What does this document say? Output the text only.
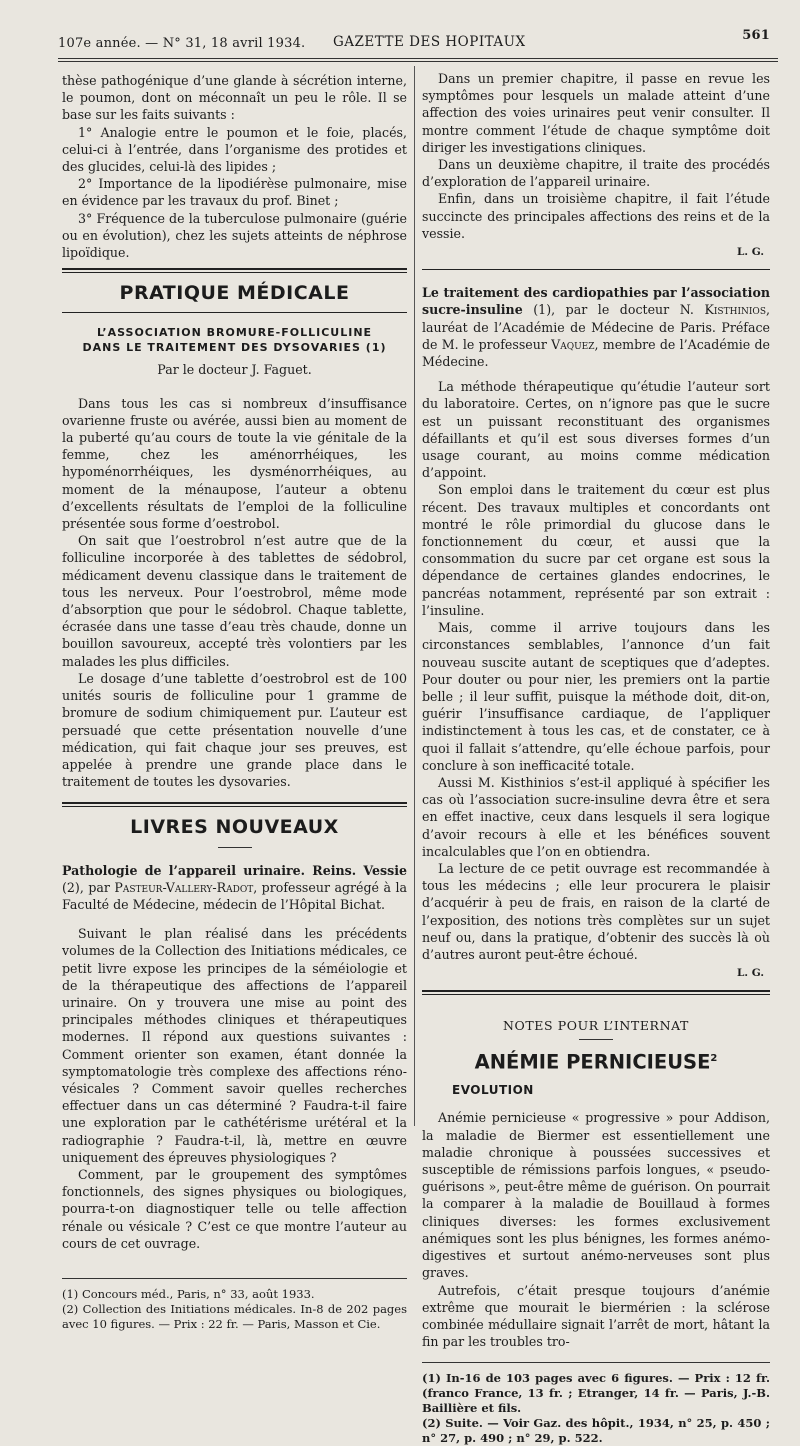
107e année. — N° 31, 18 avril 1934. GAZETTE DES HOPITAUX	561

thèse pathogénique d’une glande à sécrétion interne, le poumon, dont on méconnaît un peu le rôle. Il se base sur les faits suivants :

1° Analogie entre le poumon et le foie, placés, celui-ci à l’entrée, dans l’organisme des protides et des glucides, celui-là des lipides ;

2° Importance de la lipodiérèse pulmonaire, mise en évidence par les travaux du prof. Binet ;

3° Fréquence de la tuberculose pulmonaire (guérie ou en évolution), chez les sujets atteints de néphrose lipoïdique.

PRATIQUE MÉDICALE
L’ASSOCIATION BROMURE-FOLLICULINE
DANS LE TRAITEMENT DES DYSOVARIES (1)
Par le docteur J. Faguet.

Dans tous les cas si nombreux d’insuffisance ovarienne fruste ou avérée, aussi bien au moment de la puberté qu’au cours de toute la vie génitale de la femme, chez les aménorrhéiques, les hypoménorrhéiques, les dysménorrhéiques, au moment de la ménaupose, l’auteur a obtenu d’excellents résultats de l’emploi de la folliculine présentée sous forme d’oestrobol.

On sait que l’oestrobrol n’est autre que de la folliculine incorporée à des tablettes de sédobrol, médicament devenu classique dans le traitement de tous les nerveux. Pour l’oestrobrol, même mode d’absorption que pour le sédobrol. Chaque tablette, écrasée dans une tasse d’eau très chaude, donne un bouillon savoureux, accepté très volontiers par les malades les plus difficiles.

Le dosage d’une tablette d’oestrobrol est de 100 unités souris de folliculine pour 1 gramme de bromure de sodium chimiquement pur. L’auteur est persuadé que cette présentation nouvelle d’une médication, qui fait chaque jour ses preuves, est appelée à prendre une grande place dans le traitement de toutes les dysovaries.

LIVRES NOUVEAUX

Pathologie de l’appareil urinaire. Reins. Vessie (2), par Pasteur-Vallery-Radot, professeur agrégé à la Faculté de Médecine, médecin de l’Hôpital Bichat.

Suivant le plan réalisé dans les précédents volumes de la Collection des Initiations médicales, ce petit livre expose les principes de la séméiologie et de la thérapeutique des affections de l’appareil urinaire. On y trouvera une mise au point des principales méthodes cliniques et thérapeutiques modernes. Il répond aux questions suivantes : Comment orienter son examen, étant donnée la symptomatologie très complexe des affections réno-vésicales ? Comment savoir quelles recherches effectuer dans un cas déterminé ? Faudra-t-il faire une exploration par le cathétérisme urétéral et la radiographie ? Faudra-t-il, là, mettre en œuvre uniquement des épreuves physiologiques ?

Comment, par le groupement des symptômes fonctionnels, des signes physiques ou biologiques, pourra-t-on diagnostiquer telle ou telle affection rénale ou vésicale ? C’est ce que montre l’auteur au cours de cet ouvrage.

(1) Concours méd., Paris, n° 33, août 1933.
(2) Collection des Initiations médicales. In-8 de 202 pages avec 10 figures. — Prix : 22 fr. — Paris, Masson et Cie.

Dans un premier chapitre, il passe en revue les symptômes pour lesquels un malade atteint d’une affection des voies urinaires peut venir consulter. Il montre comment l’étude de chaque symptôme doit diriger les investigations cliniques.

Dans un deuxième chapitre, il traite des procédés d’exploration de l’appareil urinaire.

Enfin, dans un troisième chapitre, il fait l’étude succincte des principales affections des reins et de la vessie.

L. G.

Le traitement des cardiopathies par l’association sucre-insuline (1), par le docteur N. Kisthinios, lauréat de l’Académie de Médecine de Paris. Préface de M. le professeur Vaquez, membre de l’Académie de Médecine.

La méthode thérapeutique qu’étudie l’auteur sort du laboratoire. Certes, on n’ignore pas que le sucre est un puissant reconstituant des organismes défaillants et qu’il est sous diverses formes d’un usage courant, au moins comme médication d’appoint.

Son emploi dans le traitement du cœur est plus récent. Des travaux multiples et concordants ont montré le rôle primordial du glucose dans le fonctionnement du cœur, et aussi que la consommation du sucre par cet organe est sous la dépendance de certaines glandes endocrines, le pancréas notamment, représenté par son extrait : l’insuline.

Mais, comme il arrive toujours dans les circonstances semblables, l’annonce d’un fait nouveau suscite autant de sceptiques que d’adeptes. Pour douter ou pour nier, les premiers ont la partie belle ; il leur suffit, puisque la méthode doit, dit-on, guérir l’insuffisance cardiaque, de l’appliquer indistinctement à tous les cas, et de constater, ce à quoi il fallait s’attendre, qu’elle échoue parfois, pour conclure à son inefficacité totale.

Aussi M. Kisthinios s’est-il appliqué à spécifier les cas où l’association sucre-insuline devra être et sera en effet inactive, ceux dans lesquels il sera logique d’avoir recours à elle et les bénéfices souvent incalculables que l’on en obtiendra.

La lecture de ce petit ouvrage est recommandée à tous les médecins ; elle leur procurera le plaisir d’acquérir à peu de frais, en raison de la clarté de l’exposition, des notions très complètes sur un sujet neuf ou, dans la pratique, d’obtenir des succès là où d’autres auront peut-être échoué.

L. G.
NOTES POUR L’INTERNAT
ANÉMIE PERNICIEUSE$^2$
EVOLUTION

Anémie pernicieuse « progressive » pour Addison, la maladie de Biermer est essentiellement une maladie chronique à poussées successives et susceptible de rémissions parfois longues, « pseudo-guérisons », peut-être même de guérison. On pourrait la comparer à la maladie de Bouillaud à formes cliniques diverses: les formes exclusivement anémiques sont les plus bénignes, les formes anémo-digestives et surtout anémo-nerveuses sont plus graves.

Autrefois, c’était presque toujours d’anémie extrême que mourait le biermérien : la sclérose combinée médullaire signait l’arrêt de mort, hâtant la fin par les troubles tro-

(1) In-16 de 103 pages avec 6 figures. — Prix : 12 fr. (franco France, 13 fr. ; Etranger, 14 fr. — Paris, J.-B. Baillière et fils.
(2) Suite. — Voir Gaz. des hôpit., 1934, n° 25, p. 450 ; n° 27, p. 490 ; n° 29, p. 522.
